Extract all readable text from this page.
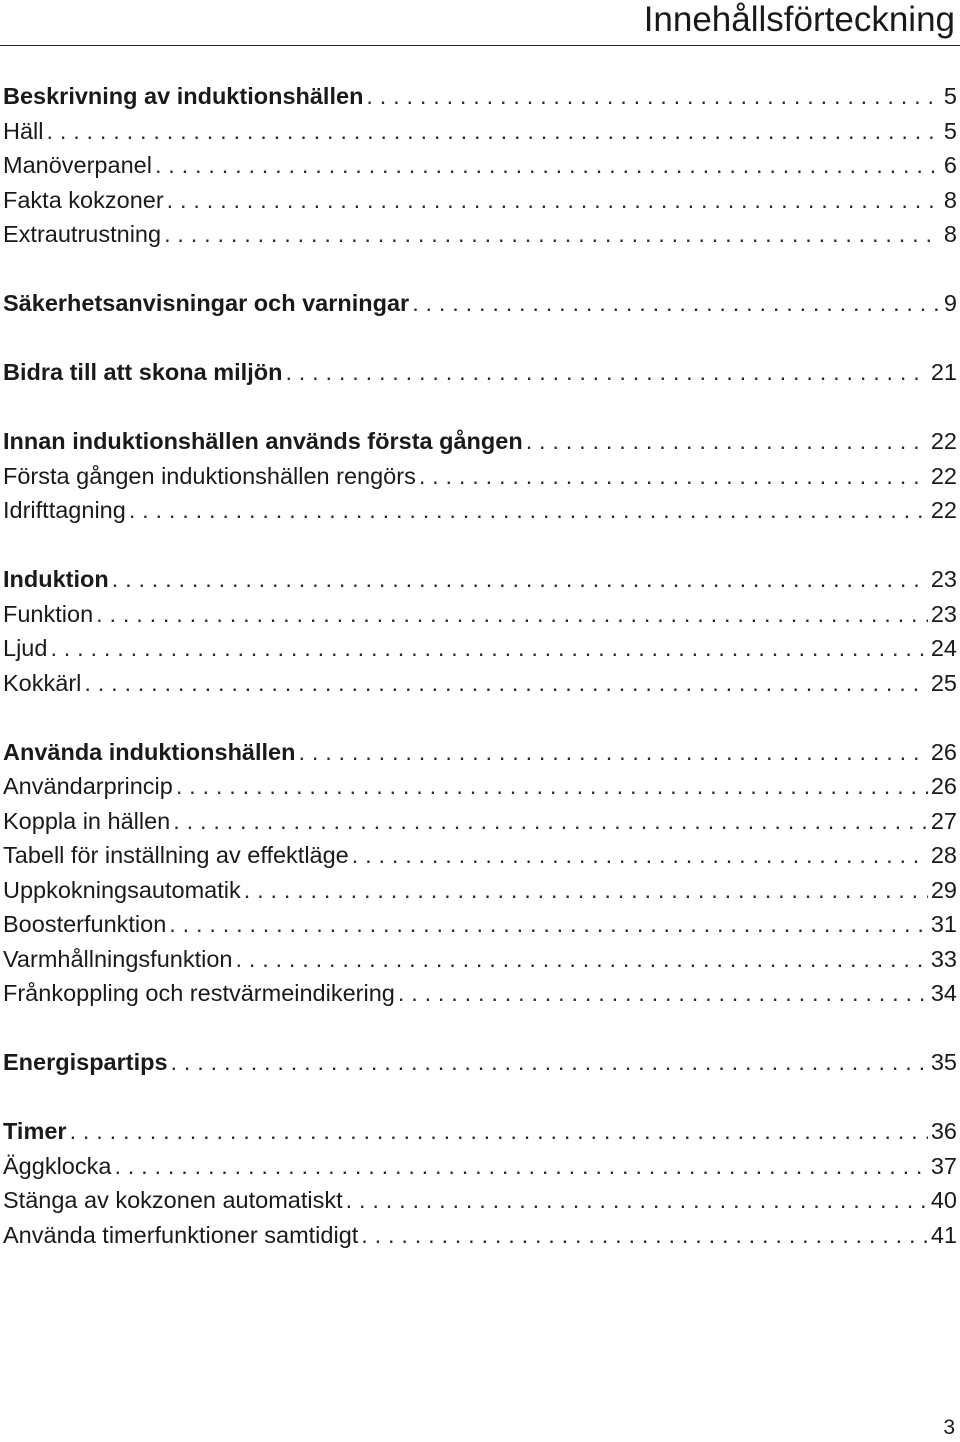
Innehållsförteckning
Beskrivning av induktionshällen . . .	5
Häll . . .	5
Manöverpanel . . .	6
Fakta kokzoner . . .	8
Extrautrustning . . .	8
Säkerhetsanvisningar och varningar . . .	9
Bidra till att skona miljön . . .	21
Innan induktionshällen används första gången . . .	22
Första gången induktionshällen rengörs . . .	22
Idrifttagning . . .	22
Induktion . . .	23
Funktion . . .	23
Ljud . . .	24
Kokkärl . . .	25
Använda induktionshällen . . .	26
Användarprincip . . .	26
Koppla in hällen . . .	27
Tabell för inställning av effektläge . . .	28
Uppkokningsautomatik . . .	29
Boosterfunktion . . .	31
Varmhållningsfunktion . . .	33
Frånkoppling och restvärmeindikering . . .	34
Energispartips . . .	35
Timer . . .	36
Äggklocka . . .	37
Stänga av kokzonen automatiskt . . .	40
Använda timerfunktioner samtidigt . . .	41
3
